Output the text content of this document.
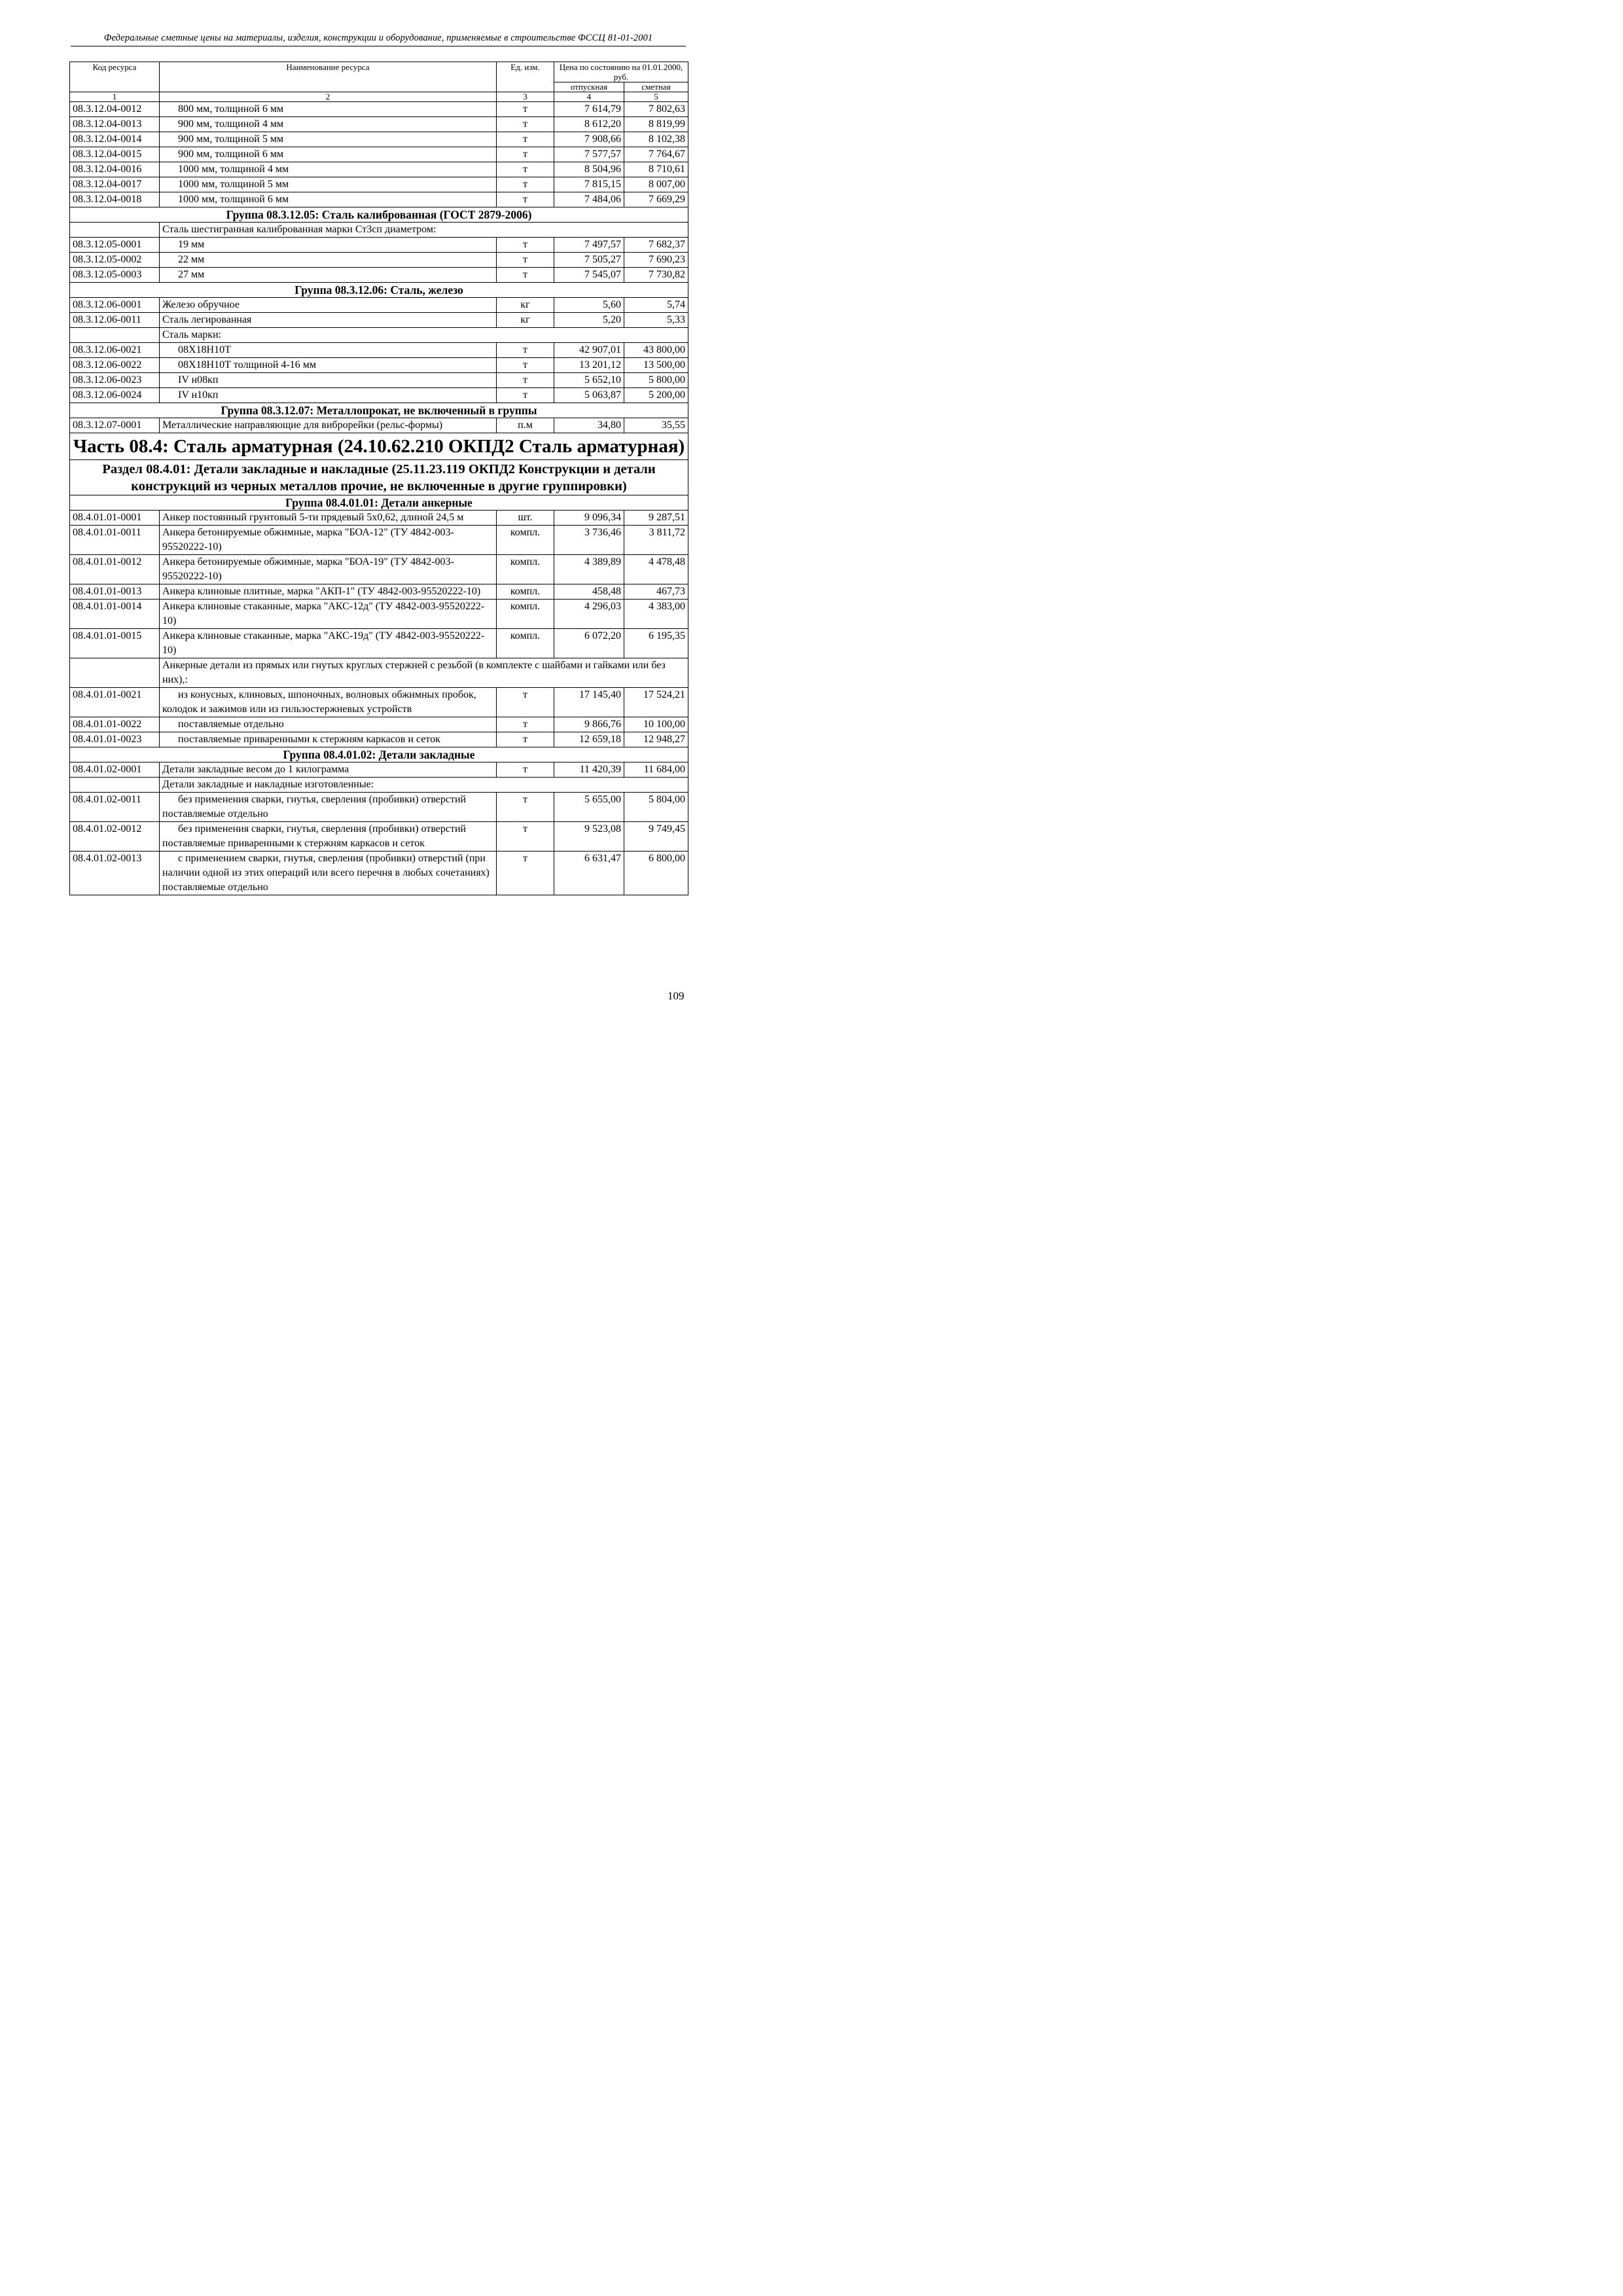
Федеральные сметные цены на материалы, изделия, конструкции и оборудование, применяемые в строительстве ФССЦ 81-01-2001
Код ресурса	Наименование ресурса	Ед. изм.	Цена по состоянию на 01.01.2000, руб.	
			отпускная	сметная
1	2	3	4	5
08.3.12.04-0012	800 мм, толщиной 6 мм	т	7 614,79	7 802,63
08.3.12.04-0013	900 мм, толщиной 4 мм	т	8 612,20	8 819,99
08.3.12.04-0014	900 мм, толщиной 5 мм	т	7 908,66	8 102,38
08.3.12.04-0015	900 мм, толщиной 6 мм	т	7 577,57	7 764,67
08.3.12.04-0016	1000 мм, толщиной 4 мм	т	8 504,96	8 710,61
08.3.12.04-0017	1000 мм, толщиной 5 мм	т	7 815,15	8 007,00
08.3.12.04-0018	1000 мм, толщиной 6 мм	т	7 484,06	7 669,29
Группа 08.3.12.05: Сталь калиброванная (ГОСТ 2879-2006)				
	Сталь шестигранная калиброванная марки Ст3сп диаметром:			
08.3.12.05-0001	19 мм	т	7 497,57	7 682,37
08.3.12.05-0002	22 мм	т	7 505,27	7 690,23
08.3.12.05-0003	27 мм	т	7 545,07	7 730,82
Группа 08.3.12.06: Сталь, железо				
08.3.12.06-0001	Железо обручное	кг	5,60	5,74
08.3.12.06-0011	Сталь легированная	кг	5,20	5,33
	Сталь марки:			
08.3.12.06-0021	08Х18Н10Т	т	42 907,01	43 800,00
08.3.12.06-0022	08Х18Н10Т толщиной 4-16 мм	т	13 201,12	13 500,00
08.3.12.06-0023	IV н08кп	т	5 652,10	5 800,00
08.3.12.06-0024	IV н10кп	т	5 063,87	5 200,00
Группа 08.3.12.07: Металлопрокат, не включенный в группы				
08.3.12.07-0001	Металлические направляющие для виброрейки (рельс-формы)	п.м	34,80	35,55
Часть 08.4: Сталь арматурная (24.10.62.210 ОКПД2 Сталь арматурная)				
Раздел 08.4.01: Детали закладные и накладные (25.11.23.119 ОКПД2 Конструкции и детали конструкций из черных металлов прочие, не включенные в другие группировки)				
Группа 08.4.01.01: Детали анкерные				
08.4.01.01-0001	Анкер постоянный грунтовый 5-ти прядевый 5х0,62, длиной 24,5 м	шт.	9 096,34	9 287,51
08.4.01.01-0011	Анкера бетонируемые обжимные, марка "БОА-12" (ТУ 4842-003- 95520222-10)	компл.	3 736,46	3 811,72
08.4.01.01-0012	Анкера бетонируемые обжимные, марка "БОА-19" (ТУ 4842-003- 95520222-10)	компл.	4 389,89	4 478,48
08.4.01.01-0013	Анкера клиновые плитные, марка "АКП-1" (ТУ 4842-003-95520222-10)	компл.	458,48	467,73
08.4.01.01-0014	Анкера клиновые стаканные, марка "АКС-12д" (ТУ 4842-003-95520222-10)	компл.	4 296,03	4 383,00
08.4.01.01-0015	Анкера клиновые стаканные, марка "АКС-19д" (ТУ 4842-003-95520222-10)	компл.	6 072,20	6 195,35
	Анкерные детали из прямых или гнутых круглых стержней с резьбой (в комплекте с шайбами и гайками или без них),:			
08.4.01.01-0021	из конусных, клиновых, шпоночных, волновых обжимных пробок, колодок и зажимов или из гильзостержневых устройств	т	17 145,40	17 524,21
08.4.01.01-0022	поставляемые отдельно	т	9 866,76	10 100,00
08.4.01.01-0023	поставляемые приваренными к стержням каркасов и сеток	т	12 659,18	12 948,27
Группа 08.4.01.02: Детали закладные				
08.4.01.02-0001	Детали закладные весом до 1 килограмма	т	11 420,39	11 684,00
	Детали закладные и накладные изготовленные:			
08.4.01.02-0011	без применения сварки, гнутья, сверления (пробивки) отверстий поставляемые отдельно	т	5 655,00	5 804,00
08.4.01.02-0012	без применения сварки, гнутья, сверления (пробивки) отверстий поставляемые приваренными к стержням каркасов и сеток	т	9 523,08	9 749,45
08.4.01.02-0013	с применением сварки, гнутья, сверления (пробивки) отверстий (при наличии одной из этих операций или всего перечня в любых сочетаниях) поставляемые отдельно	т	6 631,47	6 800,00
109
